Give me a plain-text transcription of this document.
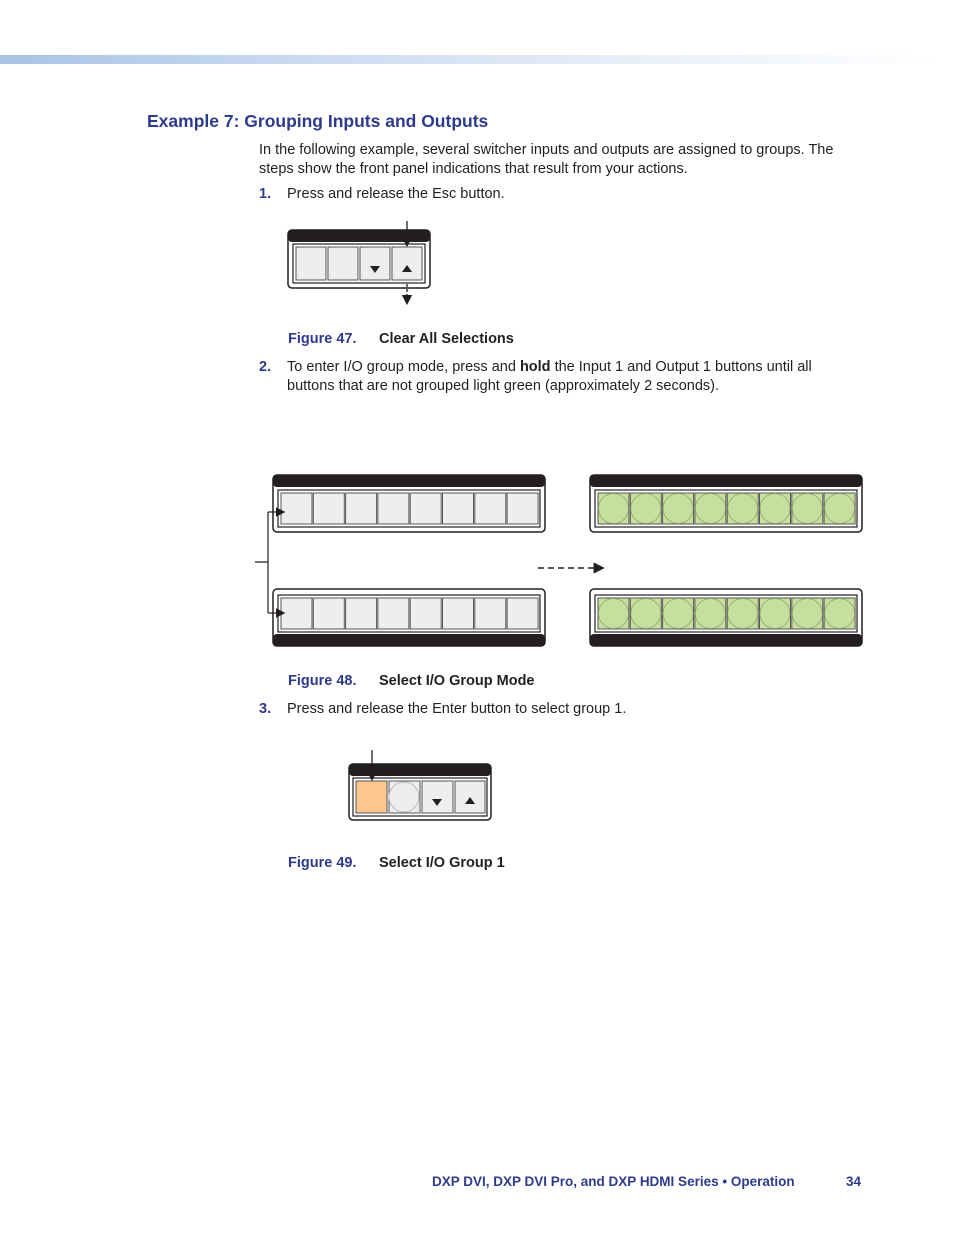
Example 7: Grouping Inputs and Outputs
In the following example, several switcher inputs and outputs are assigned to groups. The steps show the front panel indications that result from your actions.
1. Press and release the Esc button.
Figure 47. Clear All Selections
2. To enter I/O group mode, press and hold the Input 1 and Output 1 buttons until all buttons that are not grouped light green (approximately 2 seconds).
Figure 48. Select I/O Group Mode
3. Press and release the Enter button to select group 1.
Figure 49. Select I/O Group 1
DXP DVI, DXP DVI Pro, and DXP HDMI Series • Operation	34
